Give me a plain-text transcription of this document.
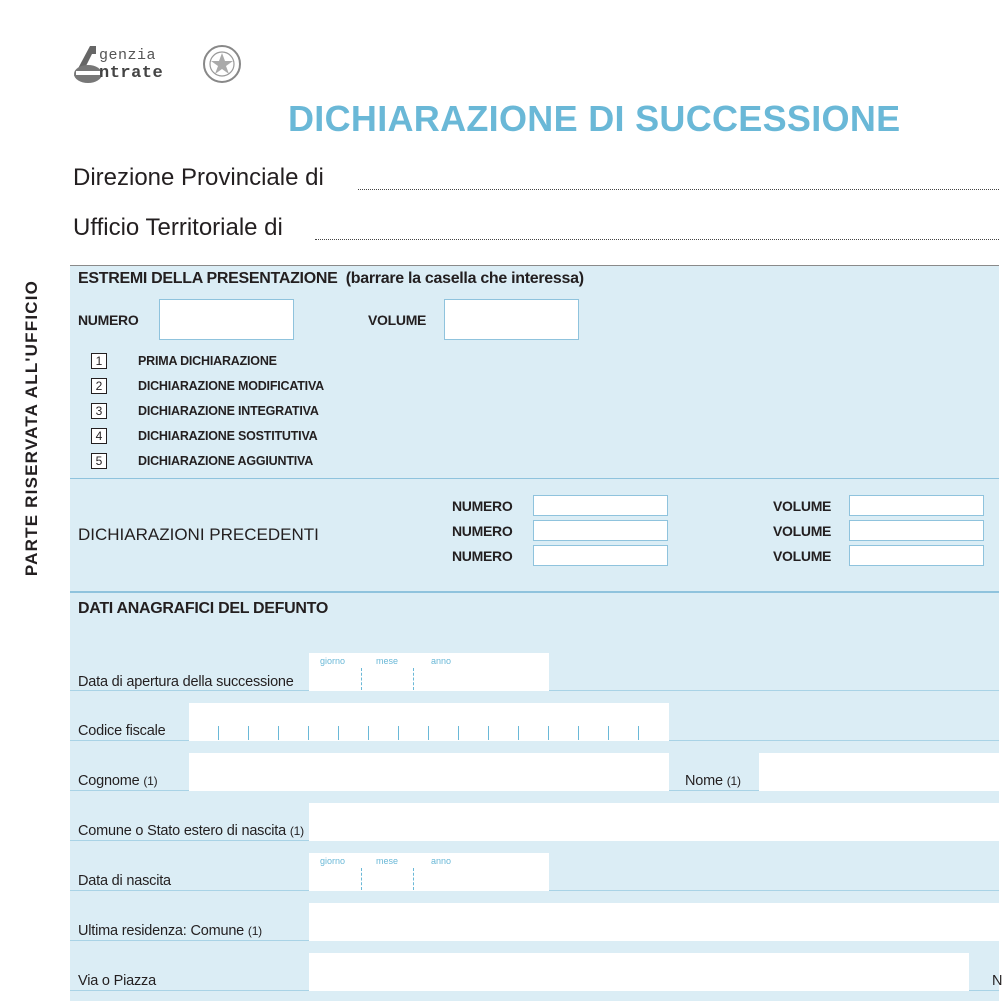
genzia
ntrate
DICHIARAZIONE DI SUCCESSIONE
Direzione Provinciale di
Ufficio Territoriale di
PARTE RISERVATA ALL'UFFICIO
ESTREMI DELLA PRESENTAZIONE (barrare la casella che interessa)
NUMERO	VOLUME
1	PRIMA DICHIARAZIONE
2	DICHIARAZIONE MODIFICATIVA
3	DICHIARAZIONE INTEGRATIVA
4	DICHIARAZIONE SOSTITUTIVA
5	DICHIARAZIONE AGGIUNTIVA
DICHIARAZIONI PRECEDENTI
NUMERO	VOLUME
NUMERO	VOLUME
NUMERO	VOLUME
DATI ANAGRAFICI DEL DEFUNTO
Data di apertura della successione
giorno	mese	anno
Codice fiscale
Cognome (1)	Nome (1)
Comune o Stato estero di nascita (1)
Data di nascita
giorno	mese	anno
Ultima residenza: Comune (1)
Via o Piazza	N
